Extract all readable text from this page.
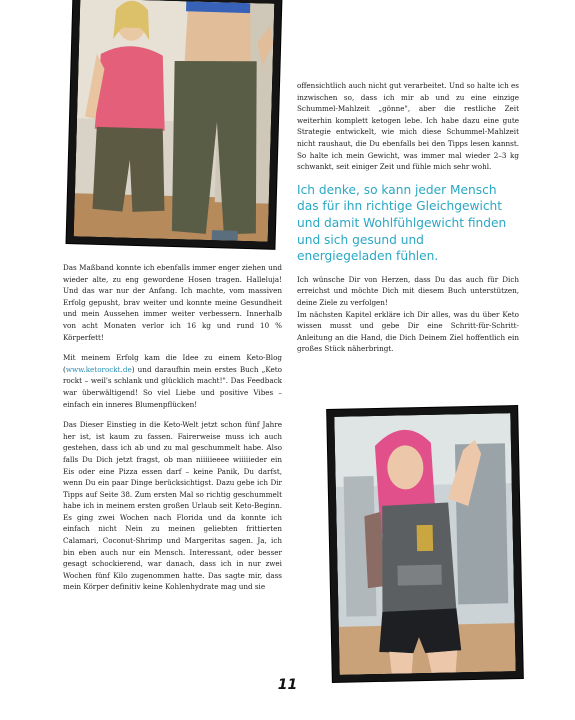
Das Maßband konnte ich ebenfalls immer enger ziehen und wieder alte, zu eng gewordene Hosen tragen. Halleluja! Und das war nur der Anfang. Ich machte, vom massiven Erfolg gepusht, brav weiter und konnte meine Gesundheit und mein Aussehen immer weiter verbessern. Innerhalb von acht Monaten verlor ich 16 kg und rund 10 % Körperfett!

Mit meinem Erfolg kam die Idee zu einem Keto-Blog (www.ketorockt.de) und daraufhin mein erstes Buch „Keto rockt – weil's schlank und glücklich macht!". Das Feedback war überwältigend! So viel Liebe und positive Vibes – einfach ein inneres Blumenpflücken!

Das Dieser Einstieg in die Keto-Welt jetzt schon fünf Jahre her ist, ist kaum zu fassen. Fairerweise muss ich auch gestehen, dass ich ab und zu mal geschummelt habe. Also falls Du Dich jetzt fragst, ob man niiiiieeee wiiiiieder ein Eis oder eine Pizza essen darf – keine Panik, Du darfst, wenn Du ein paar Dinge berücksichtigst. Dazu gebe ich Dir Tipps auf Seite 38. Zum ersten Mal so richtig geschummelt habe ich in meinem ersten großen Urlaub seit Keto-Beginn. Es ging zwei Wochen nach Florida und da konnte ich einfach nicht Nein zu meinen geliebten frittierten Calamari, Coconut-Shrimp und Margeritas sagen. Ja, ich bin eben auch nur ein Mensch. Interessant, oder besser gesagt schockierend, war danach, dass ich in nur zwei Wochen fünf Kilo zugenommen hatte. Das sagte mir, dass mein Körper definitiv keine Kohlenhydrate mag und sie

offensichtlich auch nicht gut verarbeitet. Und so halte ich es inzwischen so, dass ich mir ab und zu eine einzige Schummel-Mahlzeit „gönne", aber die restliche Zeit weiterhin komplett ketogen lebe. Ich habe dazu eine gute Strategie entwickelt, wie mich diese Schummel-Mahlzeit nicht raushaut, die Du ebenfalls bei den Tipps lesen kannst. So halte ich mein Gewicht, was immer mal wieder 2–3 kg schwankt, seit einiger Zeit und fühle mich sehr wohl.

Ich denke, so kann jeder Mensch das für ihn richtige Gleichgewicht und damit Wohlfühlgewicht finden und sich gesund und energiegeladen fühlen.

Ich wünsche Dir von Herzen, dass Du das auch für Dich erreichst und möchte Dich mit diesem Buch unterstützen, deine Ziele zu verfolgen!

Im nächsten Kapitel erkläre ich Dir alles, was du über Keto wissen musst und gebe Dir eine Schritt-für-Schritt-Anleitung an die Hand, die Dich Deinem Ziel hoffentlich ein großes Stück näherbringt.

11
